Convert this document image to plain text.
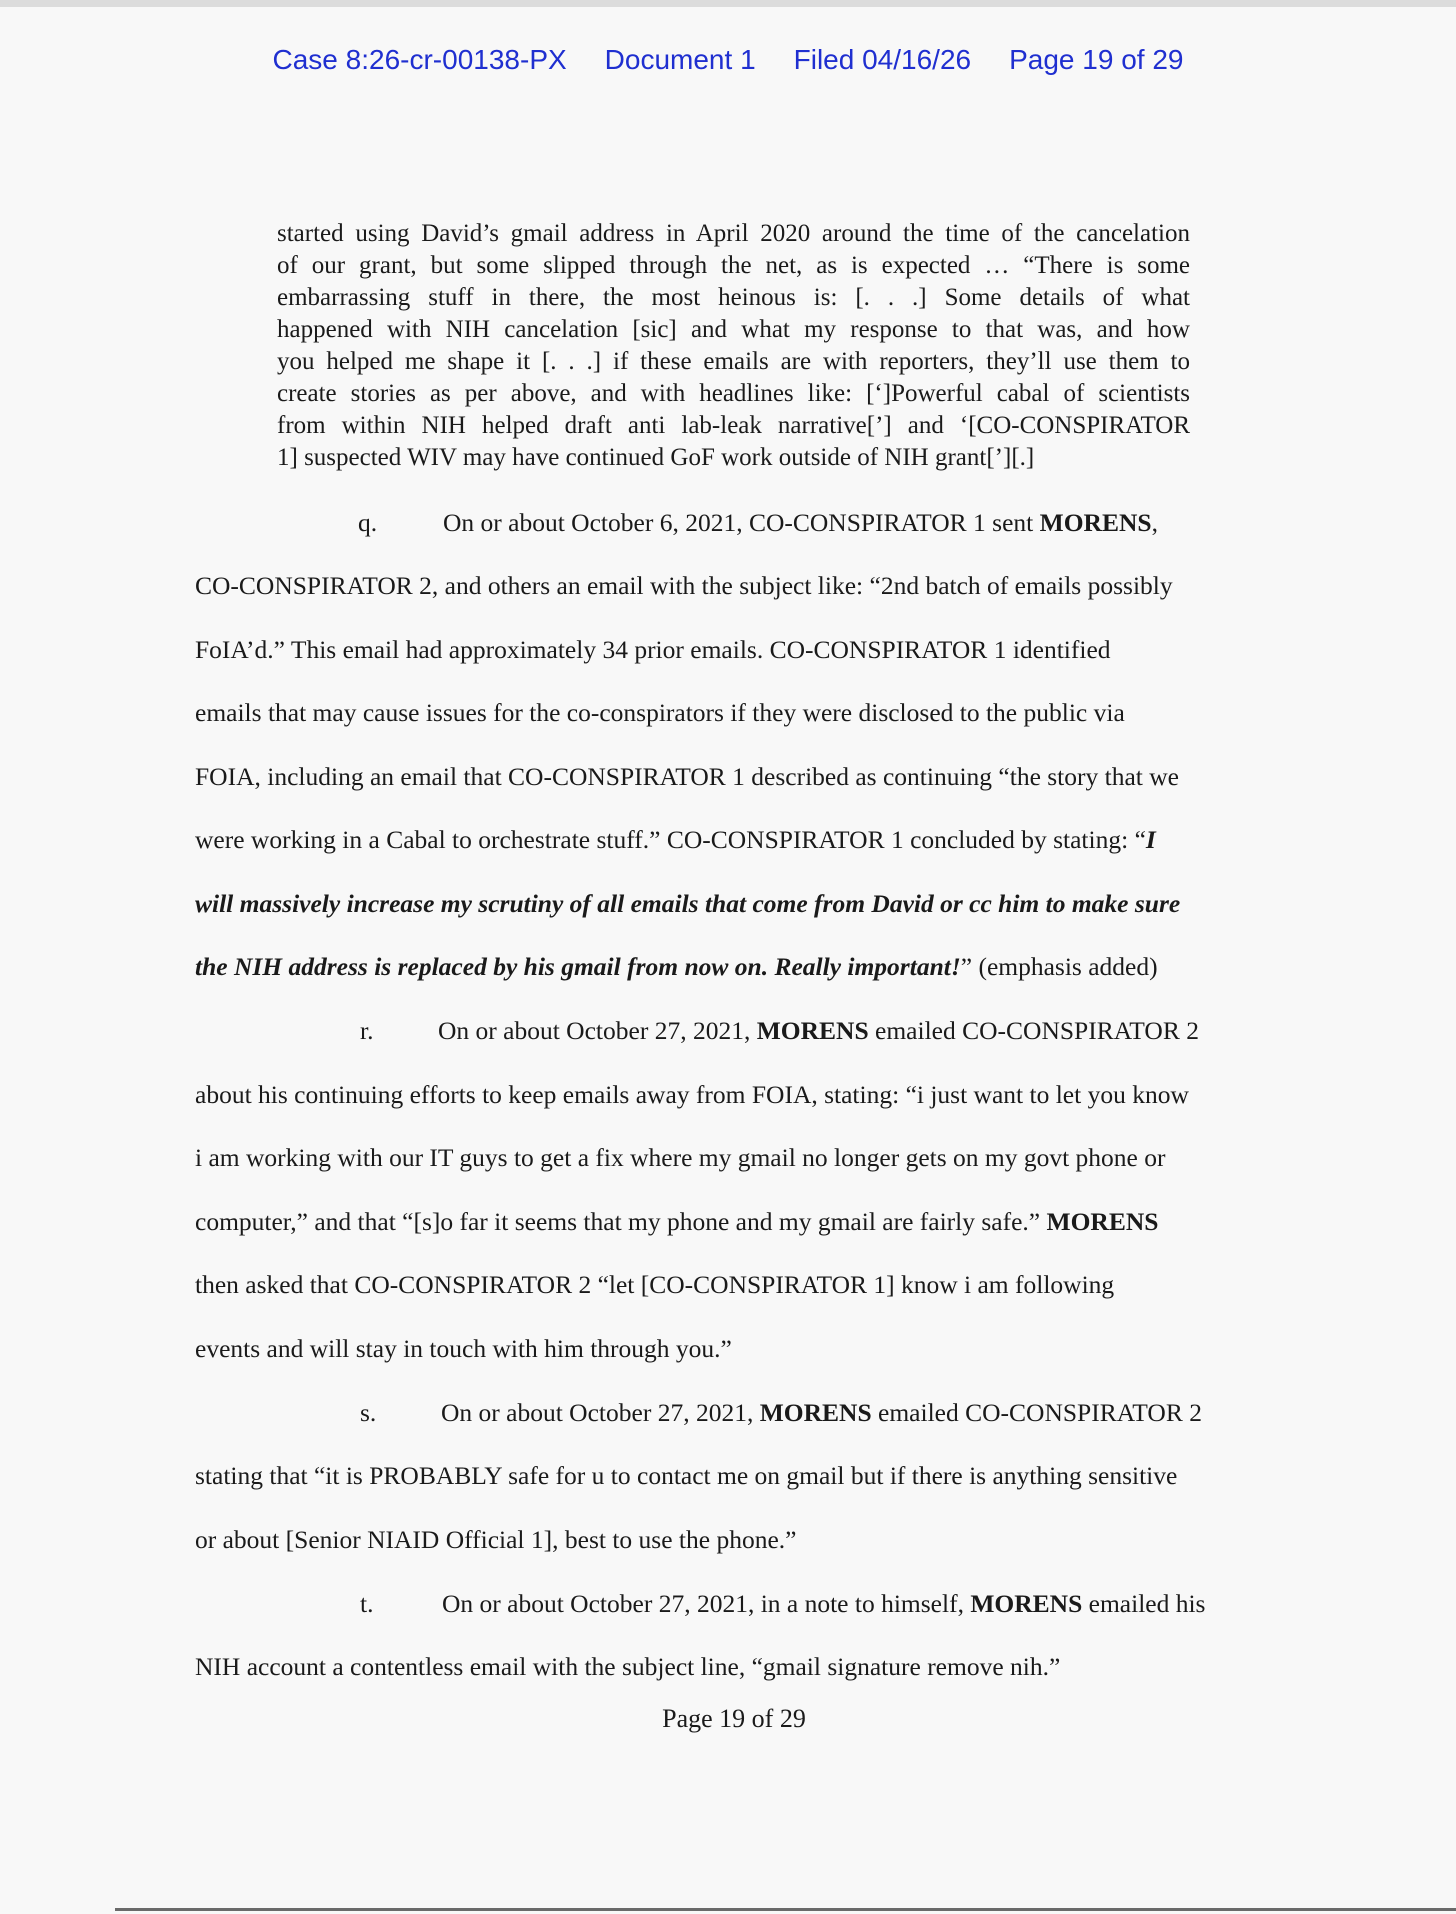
Case 8:26-cr-00138-PX Document 1 Filed 04/16/26 Page 19 of 29
started using David’s gmail address in April 2020 around the time of the cancelation
of our grant, but some slipped through the net, as is expected … “There is some
embarrassing stuff in there, the most heinous is: [. . .] Some details of what
happened with NIH cancelation [sic] and what my response to that was, and how
you helped me shape it [. . .] if these emails are with reporters, they’ll use them to
create stories as per above, and with headlines like: [‘]Powerful cabal of scientists
from within NIH helped draft anti lab-leak narrative[’] and ‘[CO-CONSPIRATOR
1] suspected WIV may have continued GoF work outside of NIH grant[’][.]
q.	On or about October 6, 2021, CO-CONSPIRATOR 1 sent MORENS,
CO-CONSPIRATOR 2, and others an email with the subject like: “2nd batch of emails possibly
FoIA’d.” This email had approximately 34 prior emails. CO-CONSPIRATOR 1 identified
emails that may cause issues for the co-conspirators if they were disclosed to the public via
FOIA, including an email that CO-CONSPIRATOR 1 described as continuing “the story that we
were working in a Cabal to orchestrate stuff.” CO-CONSPIRATOR 1 concluded by stating: “I
will massively increase my scrutiny of all emails that come from David or cc him to make sure
the NIH address is replaced by his gmail from now on. Really important!” (emphasis added)
r.	On or about October 27, 2021, MORENS emailed CO-CONSPIRATOR 2
about his continuing efforts to keep emails away from FOIA, stating: “i just want to let you know
i am working with our IT guys to get a fix where my gmail no longer gets on my govt phone or
computer,” and that “[s]o far it seems that my phone and my gmail are fairly safe.” MORENS
then asked that CO-CONSPIRATOR 2 “let [CO-CONSPIRATOR 1] know i am following
events and will stay in touch with him through you.”
s.	On or about October 27, 2021, MORENS emailed CO-CONSPIRATOR 2
stating that “it is PROBABLY safe for u to contact me on gmail but if there is anything sensitive
or about [Senior NIAID Official 1], best to use the phone.”
t.	On or about October 27, 2021, in a note to himself, MORENS emailed his
NIH account a contentless email with the subject line, “gmail signature remove nih.”
Page 19 of 29
